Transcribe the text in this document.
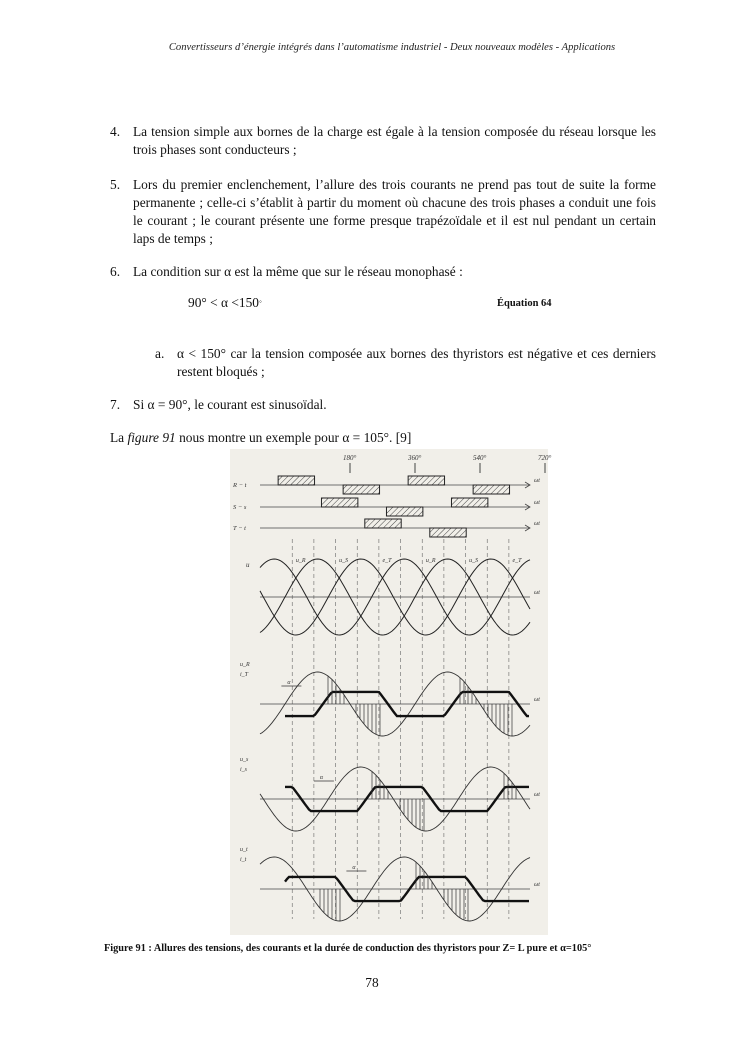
Convertisseurs d’énergie intégrés dans l’automatisme industriel - Deux nouveaux modèles - Applications
4. La tension simple aux bornes de la charge est égale à la tension composée du réseau lorsque les trois phases sont conducteurs ;
5. Lors du premier enclenchement, l’allure des trois courants ne prend pas tout de suite la forme permanente ; celle-ci s’établit à partir du moment où chacune des trois phases a conduit une fois le courant ; le courant présente une forme presque trapézoïdale et il est nul pendant un certain laps de temps ;
6. La condition sur α est la même que sur le réseau monophasé :
90° < α <150◦	Équation 64
a. α < 150° car la tension composée aux bornes des thyristors est négative et ces derniers restent bloqués ;
7. Si α = 90°, le courant est sinusoïdal.
La figure 91 nous montre un exemple pour α = 105°. [9]
180°	360°	540°	720°
ωt
R − t
ωt
S − s
ωt
T − t
ωt
u	u_R	u_S	e_T	u_R	u_S	e_T
ωt
u_R
i_T
α
ωt
u_s
i_s
α
ωt
u_t
i_t
α
Figure 91 : Allures des tensions, des courants et la durée de conduction des thyristors pour Z= L pure et α=105°
78
